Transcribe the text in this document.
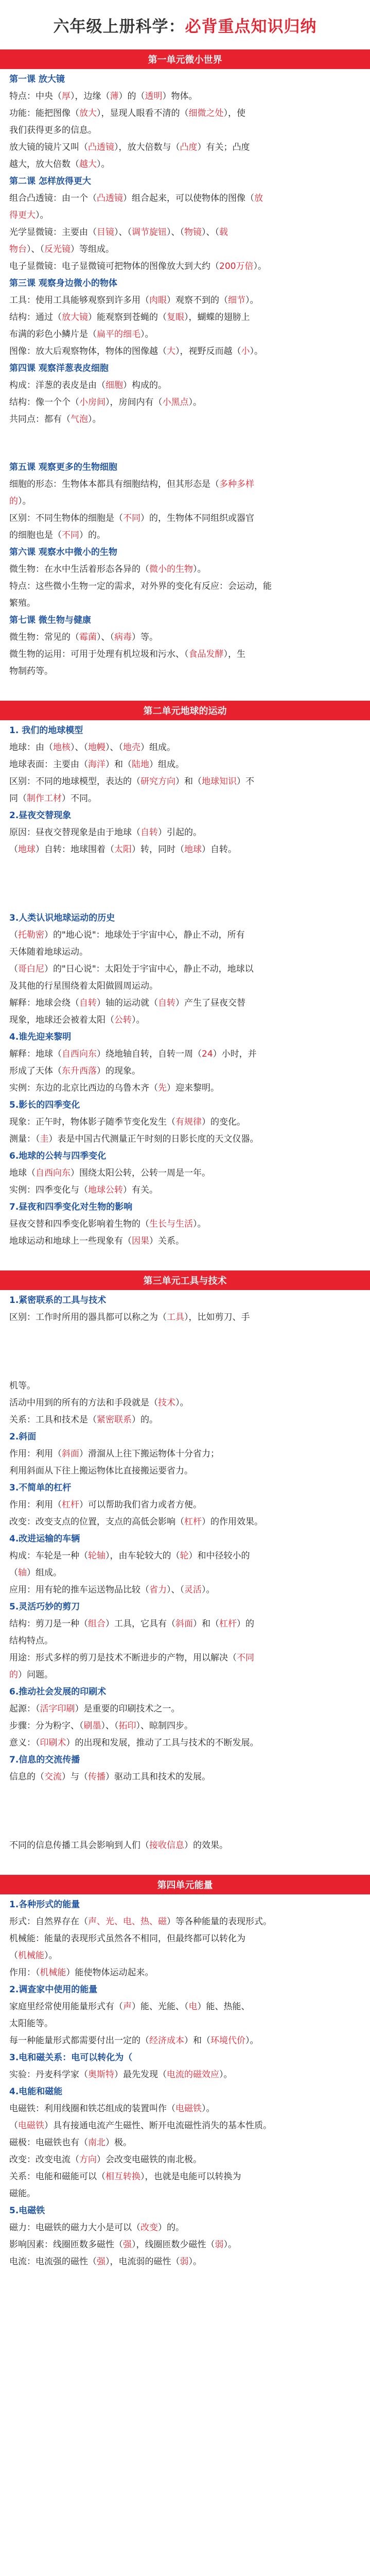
六年级上册科学：必背重点知识归纳
第一单元微小世界
第一课 放大镜
特点：中央（厚），边缘（薄）的（透明）物体。
功能：能把图像（放大），显现人眼看不清的（细微之处），使
我们获得更多的信息。
放大镜的镜片又叫（凸透镜），放大倍数与（凸度）有关；凸度
越大，放大倍数（越大）。
第二课 怎样放得更大
组合凸透镜：由一个（凸透镜）组合起来，可以使物体的图像（放
得更大）。
光学显微镜：主要由（目镜）、（调节旋钮）、（物镜）、（载
物台）、（反光镜）等组成。
电子显微镜：电子显微镜可把物体的图像放大到大约（200万倍）。
第三课 观察身边微小的物体
工具：使用工具能够观察到许多用（肉眼）观察不到的（细节）。
结构：通过（放大镜）能观察到苍蝇的（复眼），蝴蝶的翅膀上
布满的彩色小鳞片是（扁平的细毛）。
图像：放大后观察物体，物体的图像越（大），视野反而越（小）。
第四课 观察洋葱表皮细胞
构成：洋葱的表皮是由（细胞）构成的。
结构：像一个个（小房间），房间内有（小黑点）。
共同点：都有（气泡）。
第五课 观察更多的生物细胞
细胞的形态：生物体本都具有细胞结构，但其形态是（多种多样
的）。
区别：不同生物体的细胞是（不同）的，生物体不同组织或器官
的细胞也是（不同）的。
第六课 观察水中微小的生物
微生物：在水中生活着形态各异的（微小的生物）。
特点：这些微小生物一定的需求，对外界的变化有反应：会运动，能
繁殖。
第七课 微生物与健康
微生物：常见的（霉菌）、（病毒）等。
微生物的运用：可用于处理有机垃圾和污水、（食品发酵），生
物制药等。
第二单元地球的运动
1. 我们的地球模型
地球：由（地核）、（地幔）、（地壳）组成。
地球表面：主要由（海洋）和（陆地）组成。
区别：不同的地球模型，表达的（研究方向）和（地球知识）不
同（制作工材）不同。
2.昼夜交替现象
原因：昼夜交替现象是由于地球（自转）引起的。
（地球）自转：地球围着（太阳）转，同时（地球）自转。
3.人类认识地球运动的历史
（托勒密）的"地心说"：地球处于宇宙中心，静止不动，所有
天体随着地球运动。
（哥白尼）的"日心说"：太阳处于宇宙中心，静止不动，地球以
及其他的行星围绕着太阳做圆周运动。
解释：地球会绕（自转）轴的运动就（自转）产生了昼夜交替
现象，地球还会被着太阳（公转）。
4.谁先迎来黎明
解释：地球（自西向东）绕地轴自转，自转一周（24）小时，并
形成了天体（东升西落）的现象。
实例：东边的北京比西边的乌鲁木齐（先）迎来黎明。
5.影长的四季变化
现象：正午时，物体影子随季节变化发生（有规律）的变化。
测量：（圭）表是中国古代测量正午时刻的日影长度的天文仪器。
6.地球的公转与四季变化
地球（自西向东）围绕太阳公转，公转一周是一年。
实例：四季变化与（地球公转）有关。
7.昼夜和四季变化对生物的影响
昼夜交替和四季变化影响着生物的（生长与生活）。
地球运动和地球上一些现象有（因果）关系。
第三单元工具与技术
1.紧密联系的工具与技术
区别：工作时所用的器具都可以称之为（工具），比如剪刀、手
机等。
活动中用到的所有的方法和手段就是（技术）。
关系：工具和技术是（紧密联系）的。
2.斜面
作用：利用（斜面）滑溜从上往下搬运物体十分省力；
利用斜面从下往上搬运物体比直接搬运要省力。
3.不简单的杠杆
作用：利用（杠杆）可以帮助我们省力或者方便。
改变：改变支点的位置，支点的高低会影响（杠杆）的作用效果。
4.改进运输的车辆
构成：车轮是一种（轮轴），由车轮较大的（轮）和中径较小的
（轴）组成。
应用：用有轮的推车运送物品比较（省力）、（灵活）。
5.灵活巧妙的剪刀
结构：剪刀是一种（组合）工具，它具有（斜面）和（杠杆）的
结构特点。
用途：形式多样的剪刀是技术不断进步的产物，用以解决（不同
的）问题。
6.推动社会发展的印刷术
起源：（活字印刷）是重要的印刷技术之一。
步骤：分为粉字、（刷墨）、（拓印）、晾制四步。
意义：（印刷术）的出现和发展，推动了工具与技术的不断发展。
7.信息的交流传播
信息的（交流）与（传播）驱动工具和技术的发展。
不同的信息传播工具会影响到人们（接收信息）的效果。
第四单元能量
1.各种形式的能量
形式：自然界存在（声、光、电、热、磁）等各种能量的表现形式。
机械能：能量的表现形式虽然各不相同，但最终都可以转化为
（机械能）。
作用：（机械能）能使物体运动起来。
2.调查家中使用的能量
家庭里经常使用能量形式有（声）能、光能、（电）能、热能、
太阳能等。
每一种能量形式都需要付出一定的（经济成本）和（环境代价）。
3.电和磁关系：电可以转化为（
实验：丹麦科学家（奥斯特）最先发现（电流的磁效应）。
4.电能和磁能
电磁铁：利用线圈和铁芯组成的装置叫作（电磁铁）。
（电磁铁）具有接通电流产生磁性、断开电流磁性消失的基本性质。
磁极：电磁铁也有（南北）极。
改变：改变电流（方向）会改变电磁铁的南北极。
关系：电能和磁能可以（相互转换），也就是电能可以转换为
磁能。
5.电磁铁
磁力：电磁铁的磁力大小是可以（改变）的。
影响因素：线圈匝数多磁性（强），线圈匝数少磁性（弱）。
电流：电流强的磁性（强），电流弱的磁性（弱）。
